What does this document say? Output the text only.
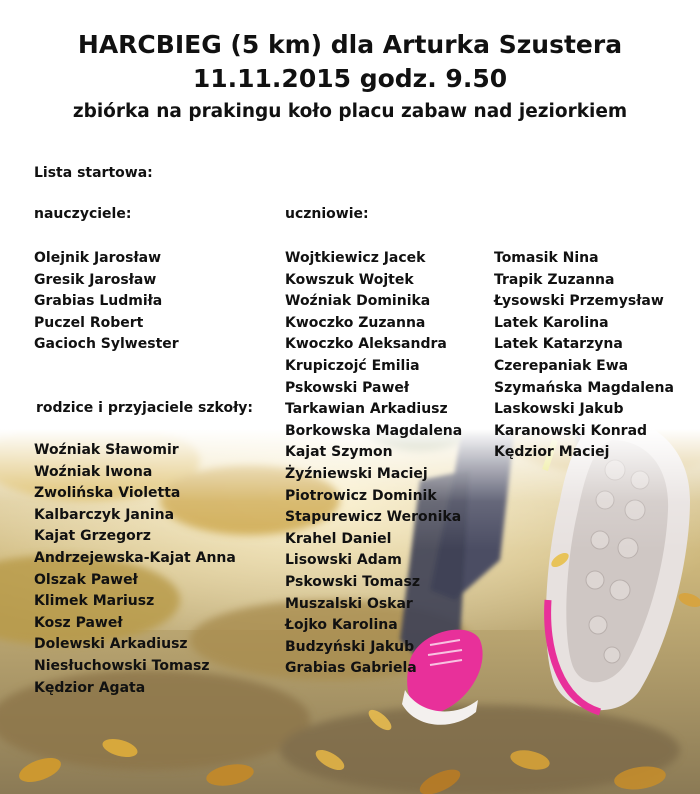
HARCBIEG (5 km) dla Arturka Szustera
11.11.2015 godz. 9.50
zbiórka na prakingu koło placu zabaw nad jeziorkiem
Lista startowa:
nauczyciele:
Olejnik Jarosław
Gresik Jarosław
Grabias Ludmiła
Puczel Robert
Gacioch Sylwester
rodzice i przyjaciele szkoły:
Woźniak Sławomir
Woźniak Iwona
Zwolińska Violetta
Kalbarczyk Janina
Kajat Grzegorz
Andrzejewska-Kajat Anna
Olszak Paweł
Klimek Mariusz
Kosz Paweł
Dolewski Arkadiusz
Niesłuchowski Tomasz
Kędzior Agata
uczniowie:
Wojtkiewicz Jacek
Kowszuk Wojtek
Woźniak Dominika
Kwoczko Zuzanna
Kwoczko Aleksandra
Krupiczojć Emilia
Pskowski Paweł
Tarkawian Arkadiusz
Borkowska Magdalena
Kajat Szymon
Żyźniewski Maciej
Piotrowicz Dominik
Stapurewicz Weronika
Krahel Daniel
Lisowski Adam
Pskowski Tomasz
Muszalski Oskar
Łojko Karolina
Budzyński Jakub
Grabias Gabriela
Tomasik Nina
Trapik Zuzanna
Łysowski Przemysław
Latek Karolina
Latek Katarzyna
Czerepaniak Ewa
Szymańska Magdalena
Laskowski Jakub
Karanowski Konrad
Kędzior Maciej
